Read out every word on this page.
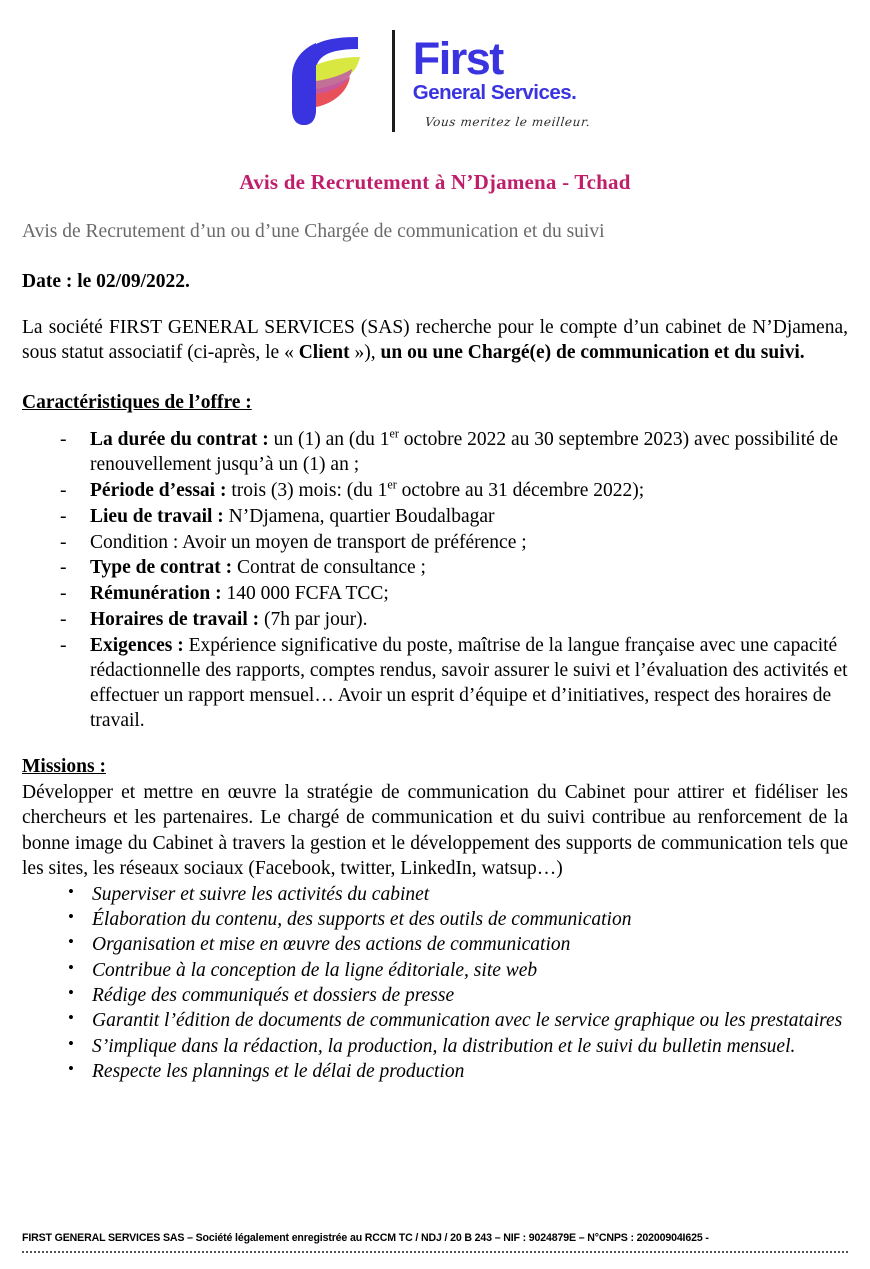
First
General Services.
Vous meritez le meilleur.
Avis de Recrutement à N’Djamena - Tchad
Avis de Recrutement d’un ou d’une Chargée de communication et du suivi
Date : le 02/09/2022.
La société FIRST GENERAL SERVICES (SAS) recherche pour le compte d’un cabinet de N’Djamena, sous statut associatif (ci-après, le « Client »), un ou une Chargé(e) de communication et du suivi.
Caractéristiques de l’offre :
- La durée du contrat : un (1) an (du 1er octobre 2022 au 30 septembre 2023) avec possibilité de renouvellement jusqu’à un (1) an ;
- Période d’essai : trois (3) mois: (du 1er octobre au 31 décembre 2022);
- Lieu de travail : N’Djamena, quartier Boudalbagar
- Condition : Avoir un moyen de transport de préférence ;
- Type de contrat : Contrat de consultance ;
- Rémunération : 140 000 FCFA TCC;
- Horaires de travail : (7h par jour).
- Exigences : Expérience significative du poste, maîtrise de la langue française avec une capacité rédactionnelle des rapports, comptes rendus, savoir assurer le suivi et l’évaluation des activités et effectuer un rapport mensuel… Avoir un esprit d’équipe et d’initiatives, respect des horaires de travail.
Missions :
Développer et mettre en œuvre la stratégie de communication du Cabinet pour attirer et fidéliser les chercheurs et les partenaires. Le chargé de communication et du suivi contribue au renforcement de la bonne image du Cabinet à travers la gestion et le développement des supports de communication tels que les sites, les réseaux sociaux (Facebook, twitter, LinkedIn, watsup…)
• Superviser et suivre les activités du cabinet
• Élaboration du contenu, des supports et des outils de communication
• Organisation et mise en œuvre des actions de communication
• Contribue à la conception de la ligne éditoriale, site web
• Rédige des communiqués et dossiers de presse
• Garantit l’édition de documents de communication avec le service graphique ou les prestataires
• S’implique dans la rédaction, la production, la distribution et le suivi du bulletin mensuel.
• Respecte les plannings et le délai de production
FIRST GENERAL SERVICES SAS – Société légalement enregistrée au RCCM TC / NDJ / 20 B 243 – NIF : 9024879E – N°CNPS : 20200904I625 -
